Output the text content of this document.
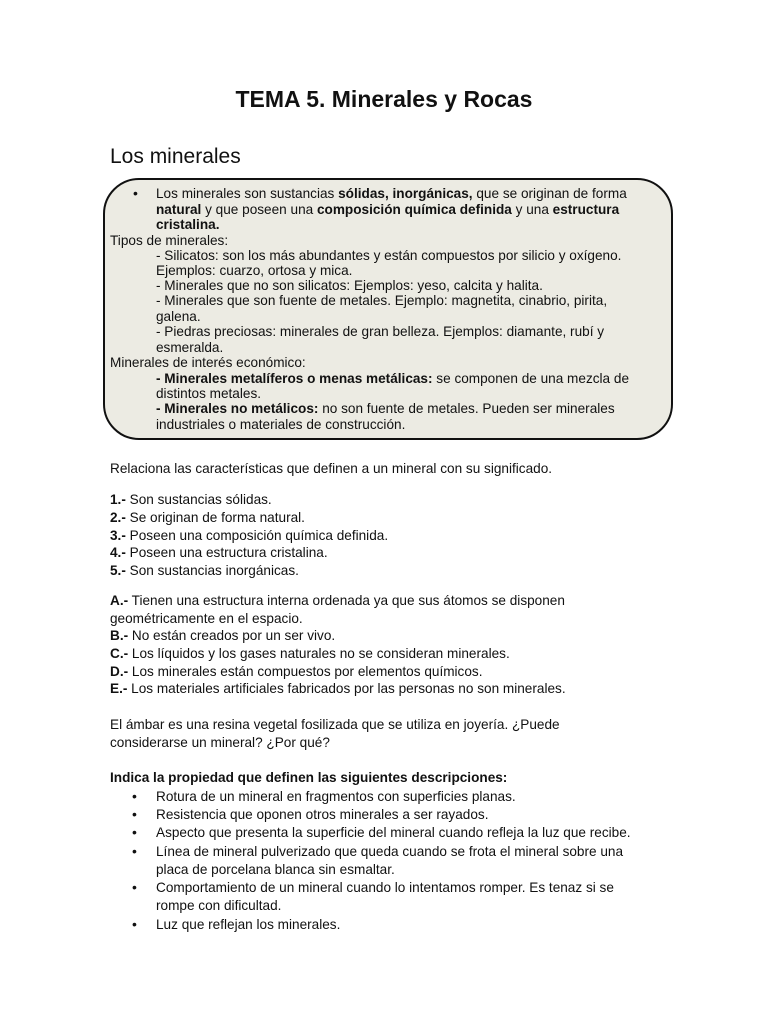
TEMA 5. Minerales y Rocas
Los minerales
• Los minerales son sustancias sólidas, inorgánicas, que se originan de forma
natural y que poseen una composición química definida y una estructura
cristalina.
Tipos de minerales:
- Silicatos: son los más abundantes y están compuestos por silicio y oxígeno.
Ejemplos: cuarzo, ortosa y mica.
- Minerales que no son silicatos: Ejemplos: yeso, calcita y halita.
- Minerales que son fuente de metales. Ejemplo: magnetita, cinabrio, pirita,
galena.
- Piedras preciosas: minerales de gran belleza. Ejemplos: diamante, rubí y
esmeralda.
Minerales de interés económico:
- Minerales metalíferos o menas metálicas: se componen de una mezcla de
distintos metales.
- Minerales no metálicos: no son fuente de metales. Pueden ser minerales
industriales o materiales de construcción.
Relaciona las características que definen a un mineral con su significado.
1.- Son sustancias sólidas.
2.- Se originan de forma natural.
3.- Poseen una composición química definida.
4.- Poseen una estructura cristalina.
5.- Son sustancias inorgánicas.
A.- Tienen una estructura interna ordenada ya que sus átomos se disponen
geométricamente en el espacio.
B.- No están creados por un ser vivo.
C.- Los líquidos y los gases naturales no se consideran minerales.
D.- Los minerales están compuestos por elementos químicos.
E.- Los materiales artificiales fabricados por las personas no son minerales.
El ámbar es una resina vegetal fosilizada que se utiliza en joyería. ¿Puede
considerarse un mineral? ¿Por qué?
Indica la propiedad que definen las siguientes descripciones:
• Rotura de un mineral en fragmentos con superficies planas.
• Resistencia que oponen otros minerales a ser rayados.
• Aspecto que presenta la superficie del mineral cuando refleja la luz que recibe.
• Línea de mineral pulverizado que queda cuando se frota el mineral sobre una
placa de porcelana blanca sin esmaltar.
• Comportamiento de un mineral cuando lo intentamos romper. Es tenaz si se
rompe con dificultad.
• Luz que reflejan los minerales.
